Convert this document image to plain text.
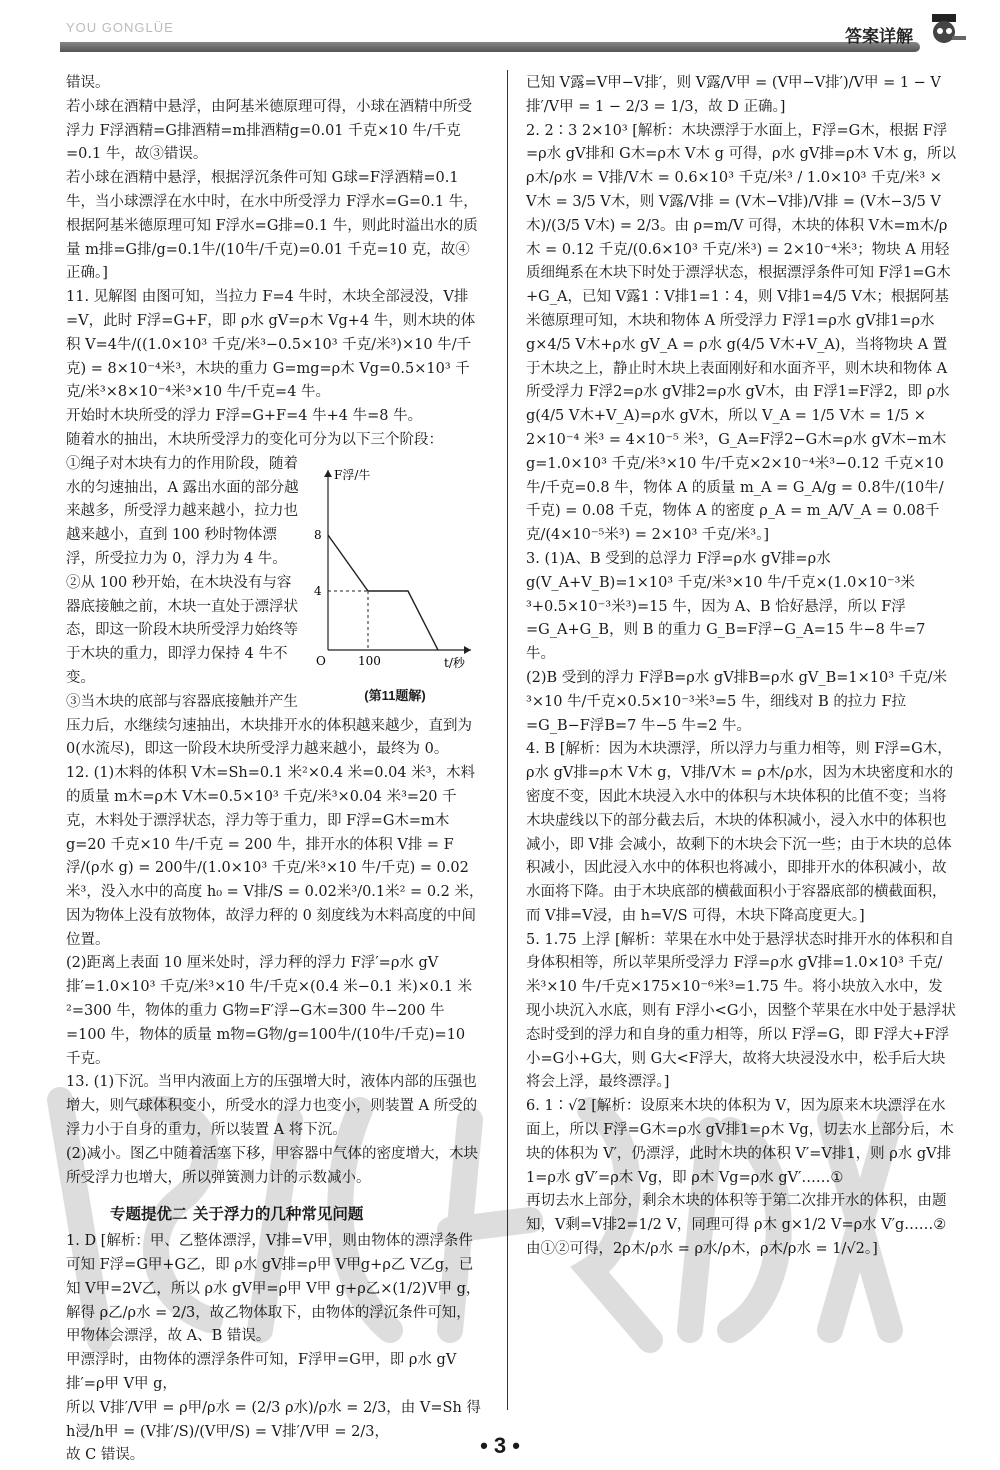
YOU GONGLÜE	答案详解

错误。

若小球在酒精中悬浮，由阿基米德原理可得，小球在酒精中所受浮力 F浮酒精=G排酒精=m排酒精g=0.01 千克×10 牛/千克=0.1 牛，故③错误。

若小球在酒精中悬浮，根据浮沉条件可知 G球=F浮酒精=0.1 牛，当小球漂浮在水中时，在水中所受浮力 F浮水=G=0.1 牛，根据阿基米德原理可知 F浮水=G排=0.1 牛，则此时溢出水的质量 m排=G排/g=0.1牛/(10牛/千克)=0.01 千克=10 克，故④正确。]

11. 见解图 由图可知，当拉力 F=4 牛时，木块全部浸没，V排=V，此时 F浮=G+F，即 ρ水 gV=ρ木 Vg+4 牛，则木块的体积 V=4牛/((1.0×10³ 千克/米³−0.5×10³ 千克/米³)×10 牛/千克) = 8×10⁻⁴米³，木块的重力 G=mg=ρ木 Vg=0.5×10³ 千克/米³×8×10⁻⁴米³×10 牛/千克=4 牛。

开始时木块所受的浮力 F浮=G+F=4 牛+4 牛=8 牛。

随着水的抽出，木块所受浮力的变化可分为以下三个阶段：

F浮/牛
8
4
O	100	t/秒
(第11题解)

①绳子对木块有力的作用阶段，随着水的匀速抽出，A 露出水面的部分越来越多，所受浮力越来越小，拉力也越来越小，直到 100 秒时物体漂浮，所受拉力为 0，浮力为 4 牛。

②从 100 秒开始，在木块没有与容器底接触之前，木块一直处于漂浮状态，即这一阶段木块所受浮力始终等于木块的重力，即浮力保持 4 牛不变。

③当木块的底部与容器底接触并产生压力后，水继续匀速抽出，木块排开水的体积越来越少，直到为 0(水流尽)，即这一阶段木块所受浮力越来越小，最终为 0。

12. (1)木料的体积 V木=Sh=0.1 米²×0.4 米=0.04 米³，木料的质量 m木=ρ木 V木=0.5×10³ 千克/米³×0.04 米³=20 千克，木料处于漂浮状态，浮力等于重力，即 F浮=G木=m木 g=20 千克×10 牛/千克 = 200 牛，排开水的体积 V排 = F浮/(ρ水 g) = 200牛/(1.0×10³ 千克/米³×10 牛/千克) = 0.02 米³，没入水中的高度 h₀ = V排/S = 0.02米³/0.1米² = 0.2 米，因为物体上没有放物体，故浮力秤的 0 刻度线为木料高度的中间位置。

(2)距离上表面 10 厘米处时，浮力秤的浮力 F浮′=ρ水 gV排′=1.0×10³ 千克/米³×10 牛/千克×(0.4 米−0.1 米)×0.1 米²=300 牛，物体的重力 G物=F′浮−G木=300 牛−200 牛=100 牛，物体的质量 m物=G物/g=100牛/(10牛/千克)=10 千克。

13. (1)下沉。当甲内液面上方的压强增大时，液体内部的压强也增大，则气球体积变小，所受水的浮力也变小，则装置 A 所受的浮力小于自身的重力，所以装置 A 将下沉。

(2)减小。图乙中随着活塞下移，甲容器中气体的密度增大，木块所受浮力也增大，所以弹簧测力计的示数减小。

专题提优二 关于浮力的几种常见问题

1. D [解析：甲、乙整体漂浮，V排=V甲，则由物体的漂浮条件可知 F浮=G甲+G乙，即 ρ水 gV排=ρ甲 V甲g+ρ乙 V乙g，已知 V甲=2V乙，所以 ρ水 gV甲=ρ甲 V甲 g+ρ乙×(1/2)V甲 g，解得 ρ乙/ρ水 = 2/3，故乙物体取下，由物体的浮沉条件可知，甲物体会漂浮，故 A、B 错误。

甲漂浮时，由物体的漂浮条件可知，F浮甲=G甲，即 ρ水 gV排′=ρ甲 V甲 g，

所以 V排′/V甲 = ρ甲/ρ水 = (2/3 ρ水)/ρ水 = 2/3，由 V=Sh 得 h浸/h甲 = (V排′/S)/(V甲/S) = V排′/V甲 = 2/3，

故 C 错误。

已知 V露=V甲−V排′，则 V露/V甲 = (V甲−V排′)/V甲 = 1 − V排′/V甲 = 1 − 2/3 = 1/3，故 D 正确。]

2. 2∶3 2×10³ [解析：木块漂浮于水面上，F浮=G木，根据 F浮=ρ水 gV排和 G木=ρ木 V木 g 可得，ρ水 gV排=ρ木 V木 g，所以 ρ木/ρ水 = V排/V木 = 0.6×10³ 千克/米³ / 1.0×10³ 千克/米³ × V木 = 3/5 V木，则 V露/V排 = (V木−V排)/V排 = (V木−3/5 V木)/(3/5 V木) = 2/3。由 ρ=m/V 可得，木块的体积 V木=m木/ρ木 = 0.12 千克/(0.6×10³ 千克/米³) = 2×10⁻⁴米³；物块 A 用轻质细绳系在木块下时处于漂浮状态，根据漂浮条件可知 F浮1=G木+G_A，已知 V露1∶V排1=1∶4，则 V排1=4/5 V木；根据阿基米德原理可知，木块和物体 A 所受浮力 F浮1=ρ水 gV排1=ρ水 g×4/5 V木+ρ水 gV_A = ρ水 g(4/5 V木+V_A)，当将物块 A 置于木块之上，静止时木块上表面刚好和水面齐平，则木块和物体 A 所受浮力 F浮2=ρ水 gV排2=ρ水 gV木，由 F浮1=F浮2，即 ρ水 g(4/5 V木+V_A)=ρ水 gV木，所以 V_A = 1/5 V木 = 1/5 × 2×10⁻⁴ 米³ = 4×10⁻⁵ 米³，G_A=F浮2−G木=ρ水 gV木−m木 g=1.0×10³ 千克/米³×10 牛/千克×2×10⁻⁴米³−0.12 千克×10 牛/千克=0.8 牛，物体 A 的质量 m_A = G_A/g = 0.8牛/(10牛/千克) = 0.08 千克，物体 A 的密度 ρ_A = m_A/V_A = 0.08千克/(4×10⁻⁵米³) = 2×10³ 千克/米³。]

3. (1)A、B 受到的总浮力 F浮=ρ水 gV排=ρ水 g(V_A+V_B)=1×10³ 千克/米³×10 牛/千克×(1.0×10⁻³米³+0.5×10⁻³米³)=15 牛，因为 A、B 恰好悬浮，所以 F浮=G_A+G_B，则 B 的重力 G_B=F浮−G_A=15 牛−8 牛=7 牛。

(2)B 受到的浮力 F浮B=ρ水 gV排B=ρ水 gV_B=1×10³ 千克/米³×10 牛/千克×0.5×10⁻³米³=5 牛，细线对 B 的拉力 F拉=G_B−F浮B=7 牛−5 牛=2 牛。

4. B [解析：因为木块漂浮，所以浮力与重力相等，则 F浮=G木，ρ水 gV排=ρ木 V木 g，V排/V木 = ρ木/ρ水，因为木块密度和水的密度不变，因此木块浸入水中的体积与木块体积的比值不变；当将木块虚线以下的部分截去后，木块的体积减小，浸入水中的体积也减小，即 V排 会减小，故剩下的木块会下沉一些；由于木块的总体积减小，因此浸入水中的体积也将减小，即排开水的体积减小，故水面将下降。由于木块底部的横截面积小于容器底部的横截面积，而 V排=V浸，由 h=V/S 可得，木块下降高度更大。]

5. 1.75 上浮 [解析：苹果在水中处于悬浮状态时排开水的体积和自身体积相等，所以苹果所受浮力 F浮=ρ水 gV排=1.0×10³ 千克/米³×10 牛/千克×175×10⁻⁶米³=1.75 牛。将小块放入水中，发现小块沉入水底，则有 F浮小<G小，因整个苹果在水中处于悬浮状态时受到的浮力和自身的重力相等，所以 F浮=G，即 F浮大+F浮小=G小+G大，则 G大<F浮大，故将大块浸没水中，松手后大块将会上浮，最终漂浮。]

6. 1∶√2 [解析：设原来木块的体积为 V，因为原来木块漂浮在水面上，所以 F浮=G木=ρ水 gV排1=ρ木 Vg，切去水上部分后，木块的体积为 V′，仍漂浮，此时木块的体积 V′=V排1，则 ρ水 gV排1=ρ水 gV′=ρ木 Vg，即 ρ木 Vg=ρ水 gV′……①

再切去水上部分，剩余木块的体积等于第二次排开水的体积，由题知，V剩=V排2=1/2 V，同理可得 ρ木 g×1/2 V=ρ水 V′g……②

由①②可得，2ρ木/ρ水 = ρ水/ρ木，ρ木/ρ水 = 1/√2。]

• 3 •
